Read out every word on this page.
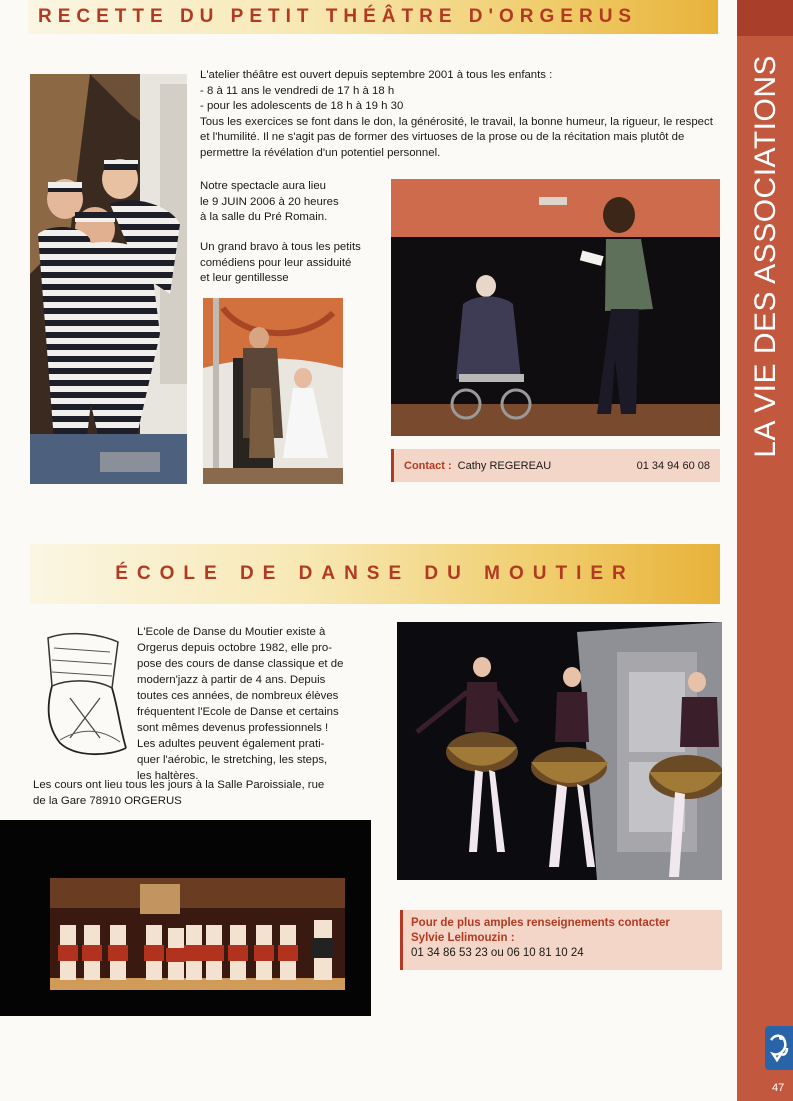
LA VIE DES ASSOCIATIONS
47
RECETTE DU PETIT THÉÂTRE D'ORGERUS
L'atelier théâtre est ouvert depuis septembre 2001 à tous les enfants :
- 8 à 11 ans le vendredi de 17 h à 18 h
- pour les adolescents de 18 h à 19 h 30
Tous les exercices se font dans le don, la générosité, le travail, la bonne humeur, la rigueur, le respect et l'humilité. Il ne s'agit pas de former des virtuoses de la prose ou de la récitation mais plutôt de permettre la révélation d'un potentiel personnel.
Notre spectacle aura lieu
le 9 JUIN 2006 à 20 heures
à la salle du Pré Romain.
Un grand bravo à tous les petits
comédiens pour leur assiduité
et leur gentillesse
Contact : Cathy REGEREAU	01 34 94 60 08
ÉCOLE DE DANSE DU MOUTIER
L'Ecole de Danse du Moutier existe à
Orgerus depuis octobre 1982, elle pro-
pose des cours de danse classique et de
modern'jazz à partir de 4 ans. Depuis
toutes ces années, de nombreux élèves
fréquentent l'Ecole de Danse et certains
sont mêmes devenus professionnels !
Les adultes peuvent également prati-
quer l'aérobic, le stretching, les steps,
les haltères.
Les cours ont lieu tous les jours à la Salle Paroissiale, rue
de la Gare 78910 ORGERUS
Pour de plus amples renseignements contacter
Sylvie Lelimouzin :
01 34 86 53 23 ou 06 10 81 10 24
